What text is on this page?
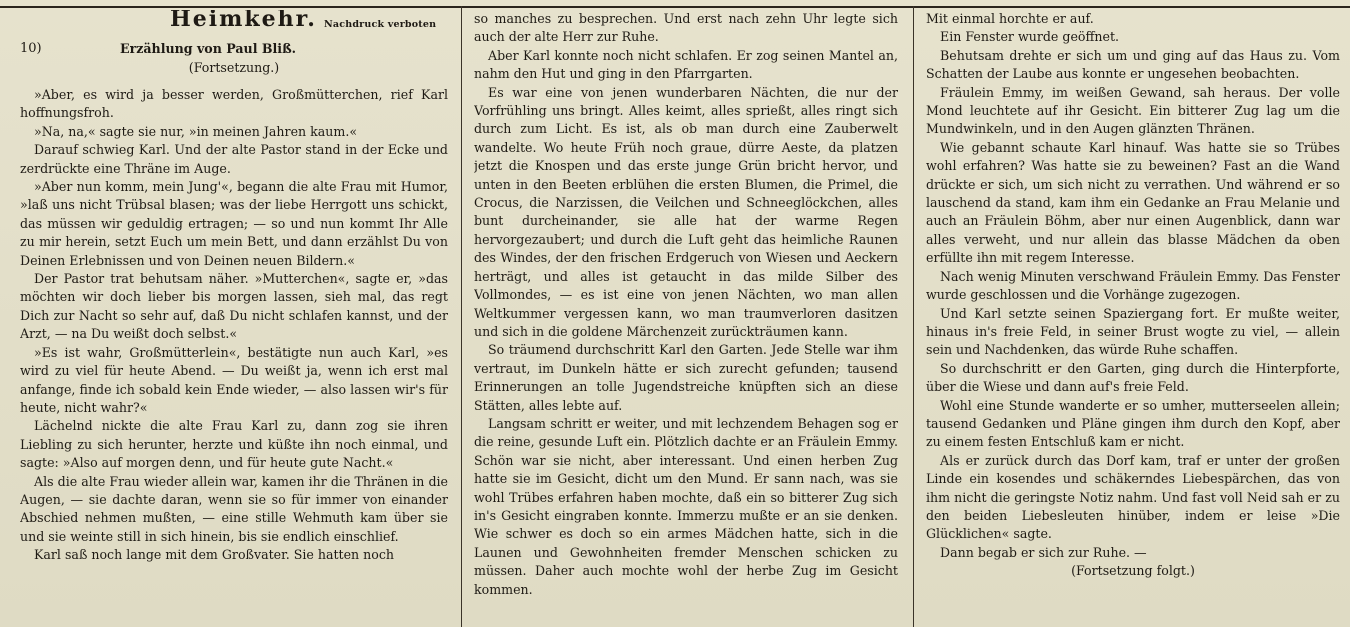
Heimkehr. Nachdruck verboten
10)	Erzählung von Paul Bliß.

(Fortsetzung.)

»Aber, es wird ja besser werden, Großmütterchen, rief Karl hoffnungsfroh.

»Na, na,« sagte sie nur, »in meinen Jahren kaum.«

Darauf schwieg Karl. Und der alte Pastor stand in der Ecke und zerdrückte eine Thräne im Auge.

»Aber nun komm, mein Jung'«, begann die alte Frau mit Humor, »laß uns nicht Trübsal blasen; was der liebe Herrgott uns schickt, das müssen wir geduldig ertragen; — so und nun kommt Ihr Alle zu mir herein, setzt Euch um mein Bett, und dann erzählst Du von Deinen Erlebnissen und von Deinen neuen Bildern.«

Der Pastor trat behutsam näher. »Mutterchen«, sagte er, »das möchten wir doch lieber bis morgen lassen, sieh mal, das regt Dich zur Nacht so sehr auf, daß Du nicht schlafen kannst, und der Arzt, — na Du weißt doch selbst.«

»Es ist wahr, Großmütterlein«, bestätigte nun auch Karl, »es wird zu viel für heute Abend. — Du weißt ja, wenn ich erst mal anfange, finde ich sobald kein Ende wieder, — also lassen wir's für heute, nicht wahr?«

Lächelnd nickte die alte Frau Karl zu, dann zog sie ihren Liebling zu sich herunter, herzte und küßte ihn noch einmal, und sagte: »Also auf morgen denn, und für heute gute Nacht.«

Als die alte Frau wieder allein war, kamen ihr die Thränen in die Augen, — sie dachte daran, wenn sie so für immer von einander Abschied nehmen mußten, — eine stille Wehmuth kam über sie und sie weinte still in sich hinein, bis sie endlich einschlief.

Karl saß noch lange mit dem Großvater. Sie hatten noch

so manches zu besprechen. Und erst nach zehn Uhr legte sich auch der alte Herr zur Ruhe.

Aber Karl konnte noch nicht schlafen. Er zog seinen Mantel an, nahm den Hut und ging in den Pfarrgarten.

Es war eine von jenen wunderbaren Nächten, die nur der Vorfrühling uns bringt. Alles keimt, alles sprießt, alles ringt sich durch zum Licht. Es ist, als ob man durch eine Zauberwelt wandelte. Wo heute Früh noch graue, dürre Aeste, da platzen jetzt die Knospen und das erste junge Grün bricht hervor, und unten in den Beeten erblühen die ersten Blumen, die Primel, die Crocus, die Narzissen, die Veilchen und Schneeglöckchen, alles bunt durcheinander, sie alle hat der warme Regen hervorgezaubert; und durch die Luft geht das heimliche Raunen des Windes, der den frischen Erdgeruch von Wiesen und Aeckern herträgt, und alles ist getaucht in das milde Silber des Vollmondes, — es ist eine von jenen Nächten, wo man allen Weltkummer vergessen kann, wo man traumverloren dasitzen und sich in die goldene Märchenzeit zurückträumen kann.

So träumend durchschritt Karl den Garten. Jede Stelle war ihm vertraut, im Dunkeln hätte er sich zurecht gefunden; tausend Erinnerungen an tolle Jugendstreiche knüpften sich an diese Stätten, alles lebte auf.

Langsam schritt er weiter, und mit lechzendem Behagen sog er die reine, gesunde Luft ein. Plötzlich dachte er an Fräulein Emmy. Schön war sie nicht, aber interessant. Und einen herben Zug hatte sie im Gesicht, dicht um den Mund. Er sann nach, was sie wohl Trübes erfahren haben mochte, daß ein so bitterer Zug sich in's Gesicht eingraben konnte. Immerzu mußte er an sie denken. Wie schwer es doch so ein armes Mädchen hatte, sich in die Launen und Gewohnheiten fremder Menschen schicken zu müssen. Daher auch mochte wohl der herbe Zug im Gesicht kommen.

Mit einmal horchte er auf.

Ein Fenster wurde geöffnet.

Behutsam drehte er sich um und ging auf das Haus zu. Vom Schatten der Laube aus konnte er ungesehen beobachten.

Fräulein Emmy, im weißen Gewand, sah heraus. Der volle Mond leuchtete auf ihr Gesicht. Ein bitterer Zug lag um die Mundwinkeln, und in den Augen glänzten Thränen.

Wie gebannt schaute Karl hinauf. Was hatte sie so Trübes wohl erfahren? Was hatte sie zu beweinen? Fast an die Wand drückte er sich, um sich nicht zu verrathen. Und während er so lauschend da stand, kam ihm ein Gedanke an Frau Melanie und auch an Fräulein Böhm, aber nur einen Augenblick, dann war alles verweht, und nur allein das blasse Mädchen da oben erfüllte ihn mit regem Interesse.

Nach wenig Minuten verschwand Fräulein Emmy. Das Fenster wurde geschlossen und die Vorhänge zugezogen.

Und Karl setzte seinen Spaziergang fort. Er mußte weiter, hinaus in's freie Feld, in seiner Brust wogte zu viel, — allein sein und Nachdenken, das würde Ruhe schaffen.

So durchschritt er den Garten, ging durch die Hinterpforte, über die Wiese und dann auf's freie Feld.

Wohl eine Stunde wanderte er so umher, mutterseelen allein; tausend Gedanken und Pläne gingen ihm durch den Kopf, aber zu einem festen Entschluß kam er nicht.

Als er zurück durch das Dorf kam, traf er unter der großen Linde ein kosendes und schäkerndes Liebespärchen, das von ihm nicht die geringste Notiz nahm. Und fast voll Neid sah er zu den beiden Liebesleuten hinüber, indem er leise »Die Glücklichen« sagte.

Dann begab er sich zur Ruhe. —

(Fortsetzung folgt.)
